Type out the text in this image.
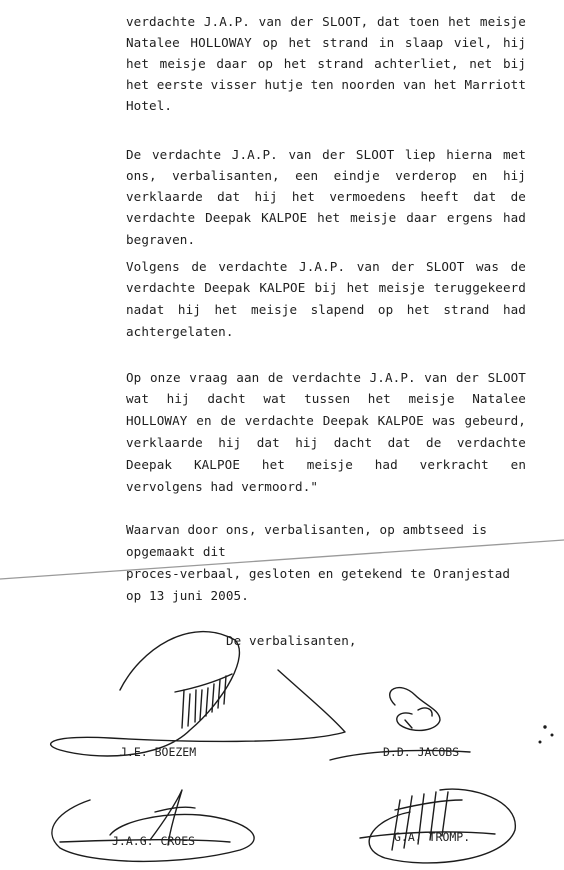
verdachte J.A.P. van der SLOOT, dat toen het meisje
Natalee HOLLOWAY op het strand in slaap viel, hij
het meisje daar op het strand achterliet, net bij
het eerste visser hutje ten noorden van het Marriott
Hotel.
De verdachte J.A.P. van der SLOOT liep hierna met
ons, verbalisanten, een eindje verderop en hij
verklaarde dat hij het vermoedens heeft dat de
verdachte Deepak KALPOE het meisje daar ergens had
begraven.
Volgens de verdachte J.A.P. van der SLOOT was de
verdachte Deepak KALPOE bij het meisje teruggekeerd
nadat hij het meisje slapend op het strand had
achtergelaten.
Op onze vraag aan de verdachte J.A.P. van der SLOOT
wat hij dacht wat tussen het meisje Natalee
HOLLOWAY en de verdachte Deepak KALPOE was gebeurd,
verklaarde hij dat hij dacht dat de verdachte
Deepak KALPOE het meisje had verkracht en
vervolgens had vermoord."
Waarvan door ons, verbalisanten, op ambtseed is
opgemaakt dit
proces-verbaal, gesloten en getekend te Oranjestad
op 13 juni 2005.
De verbalisanten,
J.E. BOEZEM	D.D. JACOBS
J.A.G. CROES	G.A. TROMP.
